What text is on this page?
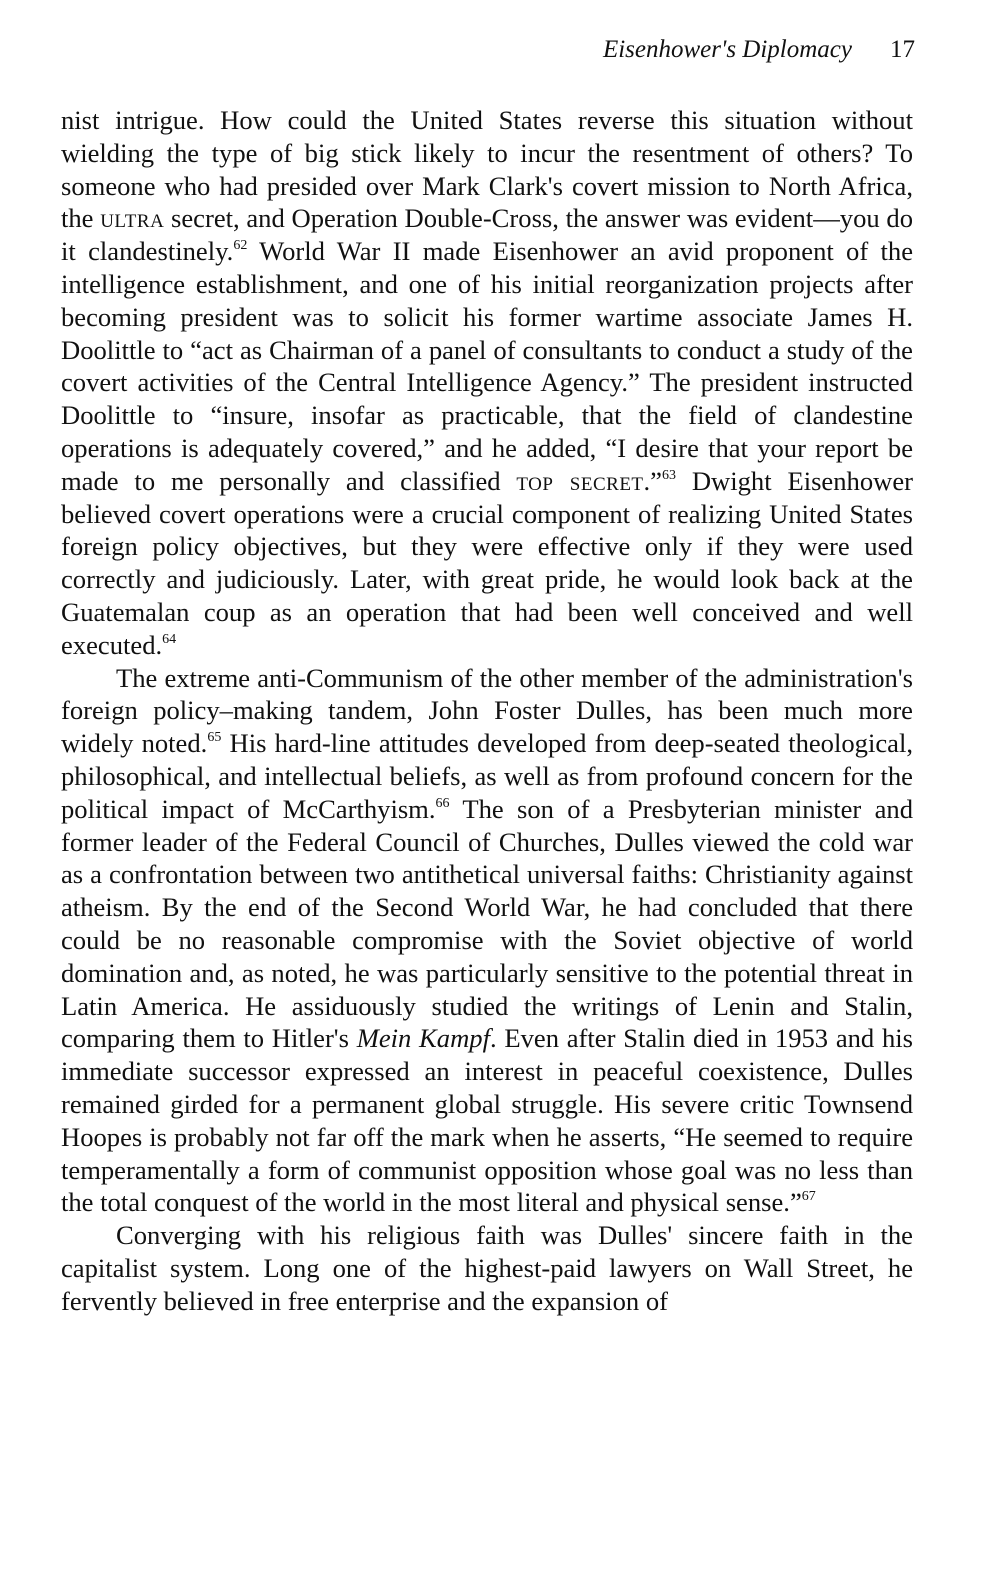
Eisenhower's Diplomacy 17

nist intrigue. How could the United States reverse this situation without wielding the type of big stick likely to incur the resentment of others? To someone who had presided over Mark Clark's covert mission to North Africa, the ultra secret, and Operation Double-Cross, the answer was evident—you do it clandestinely.$^{62}$ World War II made Eisenhower an avid proponent of the intelligence establishment, and one of his initial reorganization projects after becoming president was to solicit his former wartime associate James H. Doolittle to “act as Chairman of a panel of consultants to conduct a study of the covert activities of the Central Intelligence Agency.” The president instructed Doolittle to “insure, insofar as practicable, that the field of clandestine operations is adequately covered,” and he added, “I desire that your report be made to me personally and classified top secret.”$^{63}$ Dwight Eisenhower believed covert operations were a crucial component of realizing United States foreign policy objectives, but they were effective only if they were used correctly and judiciously. Later, with great pride, he would look back at the Guatemalan coup as an operation that had been well conceived and well executed.$^{64}$

The extreme anti-Communism of the other member of the administration's foreign policy–making tandem, John Foster Dulles, has been much more widely noted.$^{65}$ His hard-line attitudes developed from deep-seated theological, philosophical, and intellectual beliefs, as well as from profound concern for the political impact of McCarthyism.$^{66}$ The son of a Presbyterian minister and former leader of the Federal Council of Churches, Dulles viewed the cold war as a confrontation between two antithetical universal faiths: Christianity against atheism. By the end of the Second World War, he had concluded that there could be no reasonable compromise with the Soviet objective of world domination and, as noted, he was particularly sensitive to the potential threat in Latin America. He assiduously studied the writings of Lenin and Stalin, comparing them to Hitler's Mein Kampf. Even after Stalin died in 1953 and his immediate successor expressed an interest in peaceful coexistence, Dulles remained girded for a permanent global struggle. His severe critic Townsend Hoopes is probably not far off the mark when he asserts, “He seemed to require temperamentally a form of communist opposition whose goal was no less than the total conquest of the world in the most literal and physical sense.”$^{67}$

Converging with his religious faith was Dulles' sincere faith in the capitalist system. Long one of the highest-paid lawyers on Wall Street, he fervently believed in free enterprise and the expansion of
